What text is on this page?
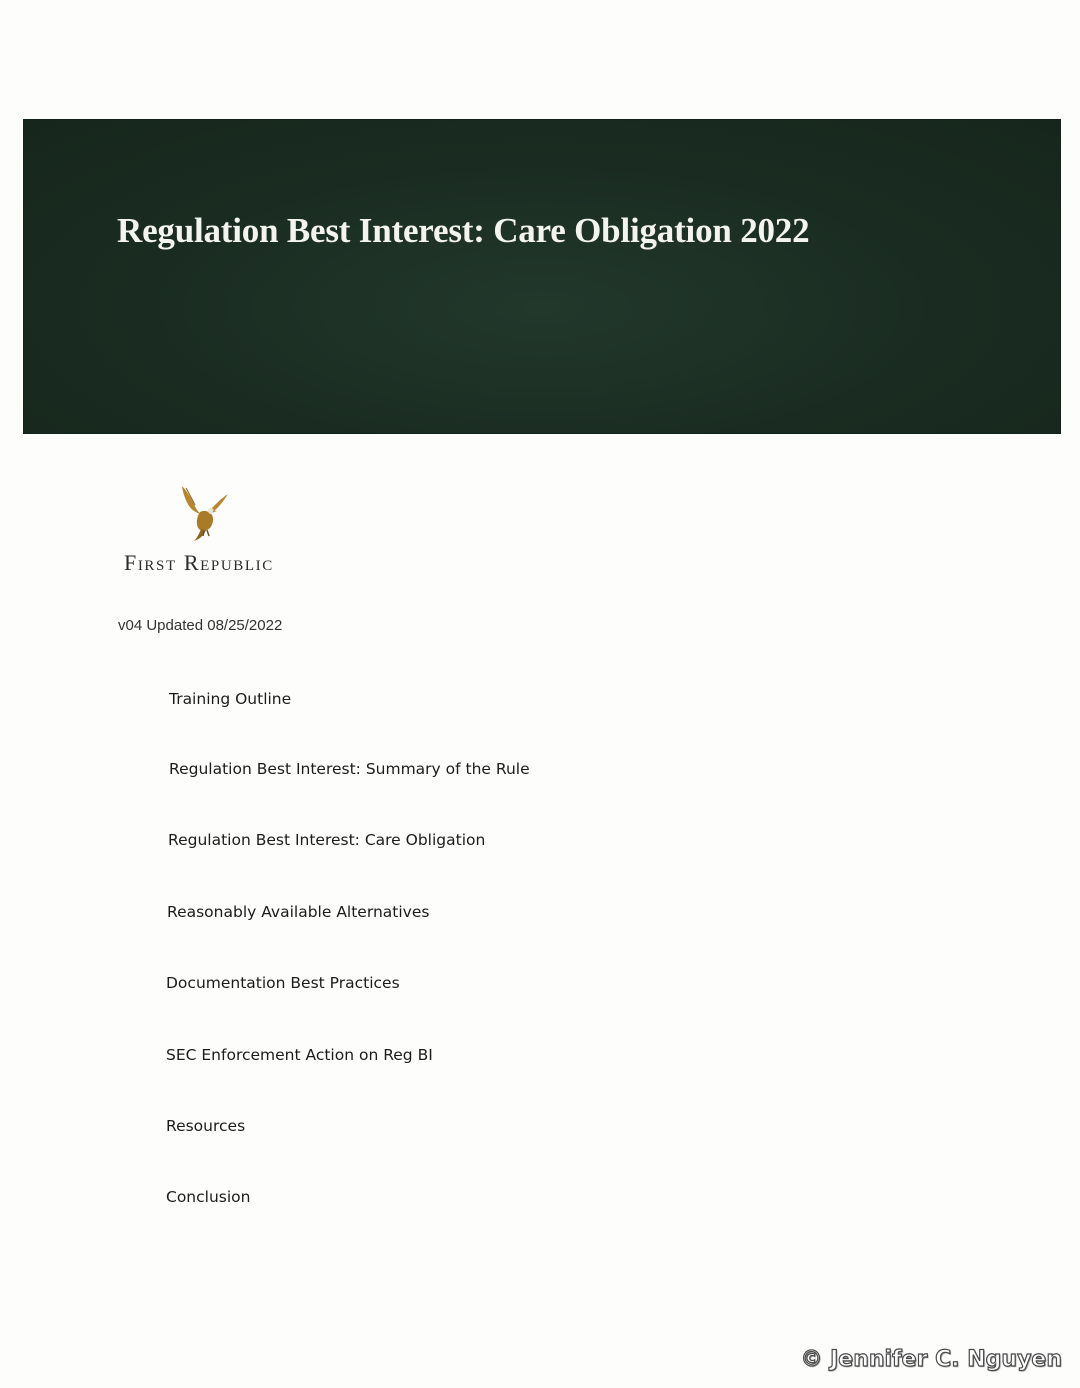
Regulation Best Interest: Care Obligation 2022
First Republic
v04 Updated 08/25/2022
Training Outline
Regulation Best Interest: Summary of the Rule
Regulation Best Interest: Care Obligation
Reasonably Available Alternatives
Documentation Best Practices
SEC Enforcement Action on Reg BI
Resources
Conclusion
© Jennifer C. Nguyen
